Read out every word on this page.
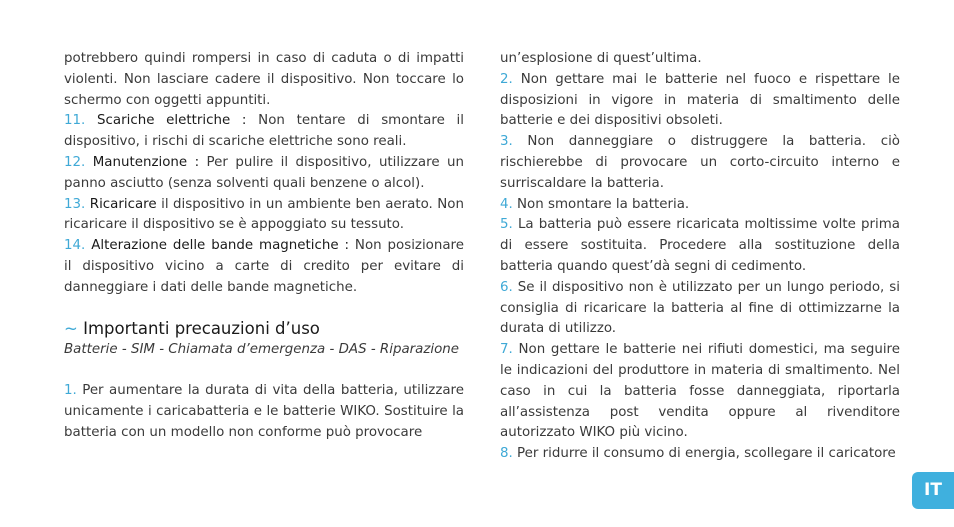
potrebbero quindi rompersi in caso di caduta o di impatti violenti. Non lasciare cadere il dispositivo. Non toccare lo schermo con oggetti appuntiti.

11. Scariche elettriche : Non tentare di smontare il dispositivo, i rischi di scariche elettriche sono reali.

12. Manutenzione : Per pulire il dispositivo, utilizzare un panno asciutto (senza solventi quali benzene o alcol).

13. Ricaricare il dispositivo in un ambiente ben aerato. Non ricaricare il dispositivo se è appoggiato su tessuto.

14. Alterazione delle bande magnetiche : Non posizionare il dispositivo vicino a carte di credito per evitare di danneggiare i dati delle bande magnetiche.

~ Importanti precauzioni d’uso

Batterie - SIM - Chiamata d’emergenza - DAS - Riparazione

1. Per aumentare la durata di vita della batteria, utilizzare unicamente i caricabatteria e le batterie WIKO. Sostituire la batteria con un modello non conforme può provocare

un’esplosione di quest’ultima.

2. Non gettare mai le batterie nel fuoco e rispettare le disposizioni in vigore in materia di smaltimento delle batterie e dei dispositivi obsoleti.

3. Non danneggiare o distruggere la batteria. ciò rischierebbe di provocare un corto-circuito interno e surriscaldare la batteria.

4. Non smontare la batteria.

5. La batteria può essere ricaricata moltissime volte prima di essere sostituita. Procedere alla sostituzione della batteria quando quest’dà segni di cedimento.

6. Se il dispositivo non è utilizzato per un lungo periodo, si consiglia di ricaricare la batteria al fine di ottimizzarne la durata di utilizzo.

7. Non gettare le batterie nei rifiuti domestici, ma seguire le indicazioni del produttore in materia di smaltimento. Nel caso in cui la batteria fosse danneggiata, riportarla all’assistenza post vendita oppure al rivenditore autorizzato WIKO più vicino.

8. Per ridurre il consumo di energia, scollegare il caricatore

IT
